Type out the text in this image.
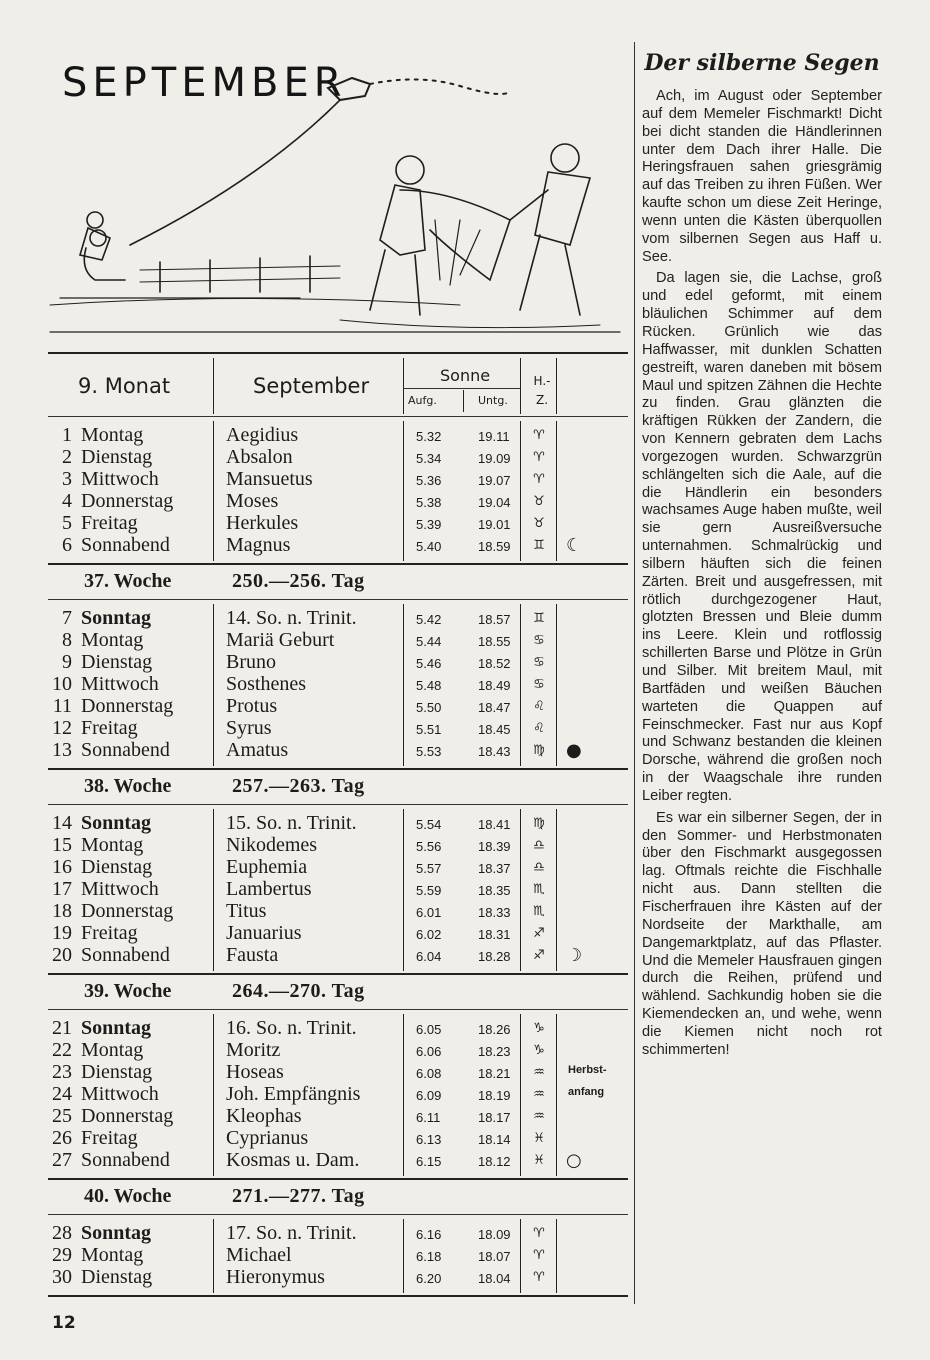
SEPTEMBER
9. Monat	September	Sonne
Aufg.	Untg.
H.-
Z.
1 Montag	Aegidius	5.32	19.11	♈
2 Dienstag	Absalon	5.34	19.09	♈
3 Mittwoch	Mansuetus	5.36	19.07	♈
4 Donnerstag	Moses	5.38	19.04	♉
5 Freitag	Herkules	5.39	19.01	♉
6 Sonnabend	Magnus	5.40	18.59	♊	☾
37. Woche	250.—256. Tag
7 Sonntag	14. So. n. Trinit.	5.42	18.57	♊
8 Montag	Mariä Geburt	5.44	18.55	♋
9 Dienstag	Bruno	5.46	18.52	♋
10 Mittwoch	Sosthenes	5.48	18.49	♋
11 Donnerstag	Protus	5.50	18.47	♌
12 Freitag	Syrus	5.51	18.45	♌
13 Sonnabend	Amatus	5.53	18.43	♍	●
38. Woche	257.—263. Tag
14 Sonntag	15. So. n. Trinit.	5.54	18.41	♍
15 Montag	Nikodemes	5.56	18.39	♎
16 Dienstag	Euphemia	5.57	18.37	♎
17 Mittwoch	Lambertus	5.59	18.35	♏
18 Donnerstag	Titus	6.01	18.33	♏
19 Freitag	Januarius	6.02	18.31	♐
20 Sonnabend	Fausta	6.04	18.28	♐	☽
39. Woche	264.—270. Tag
21 Sonntag	16. So. n. Trinit.	6.05	18.26	♑
22 Montag	Moritz	6.06	18.23	♑
23 Dienstag	Hoseas	6.08	18.21	♒	Herbst-
24 Mittwoch	Joh. Empfängnis	6.09	18.19	♒	anfang
25 Donnerstag	Kleophas	6.11	18.17	♒
26 Freitag	Cyprianus	6.13	18.14	♓
27 Sonnabend	Kosmas u. Dam.	6.15	18.12	♓	○
40. Woche	271.—277. Tag
28 Sonntag	17. So. n. Trinit.	6.16	18.09	♈
29 Montag	Michael	6.18	18.07	♈
30 Dienstag	Hieronymus	6.20	18.04	♈
12
Der silberne Segen

Ach, im August oder September auf dem Memeler Fischmarkt! Dicht bei dicht standen die Händlerinnen unter dem Dach ihrer Halle. Die Heringsfrauen sahen griesgrämig auf das Treiben zu ihren Füßen. Wer kaufte schon um diese Zeit Heringe, wenn unten die Kästen überquollen vom silbernen Segen aus Haff u. See.

Da lagen sie, die Lachse, groß und edel geformt, mit einem bläulichen Schimmer auf dem Rücken. Grünlich wie das Haffwasser, mit dunklen Schatten gestreift, waren daneben mit bösem Maul und spitzen Zähnen die Hechte zu finden. Grau glänzten die kräftigen Rükken der Zandern, die von Kennern gebraten dem Lachs vorgezogen wurden. Schwarzgrün schlängelten sich die Aale, auf die die Händlerin ein besonders wachsames Auge haben mußte, weil sie gern Ausreißversuche unternahmen. Schmalrückig und silbern häuften sich die feinen Zärten. Breit und ausgefressen, mit rötlich durchgezogener Haut, glotzten Bressen und Bleie dumm ins Leere. Klein und rotflossig schillerten Barse und Plötze in Grün und Silber. Mit breitem Maul, mit Bartfäden und weißen Bäuchen warteten die Quappen auf Feinschmecker. Fast nur aus Kopf und Schwanz bestanden die kleinen Dorsche, während die großen noch in der Waagschale ihre runden Leiber regten.

Es war ein silberner Segen, der in den Sommer- und Herbstmonaten über den Fischmarkt ausgegossen lag. Oftmals reichte die Fischhalle nicht aus. Dann stellten die Fischerfrauen ihre Kästen auf der Nordseite der Markthalle, am Dangemarktplatz, auf das Pflaster. Und die Memeler Hausfrauen gingen durch die Reihen, prüfend und wählend. Sachkundig hoben sie die Kiemendecken an, und wehe, wenn die Kiemen nicht noch rot schimmerten!
